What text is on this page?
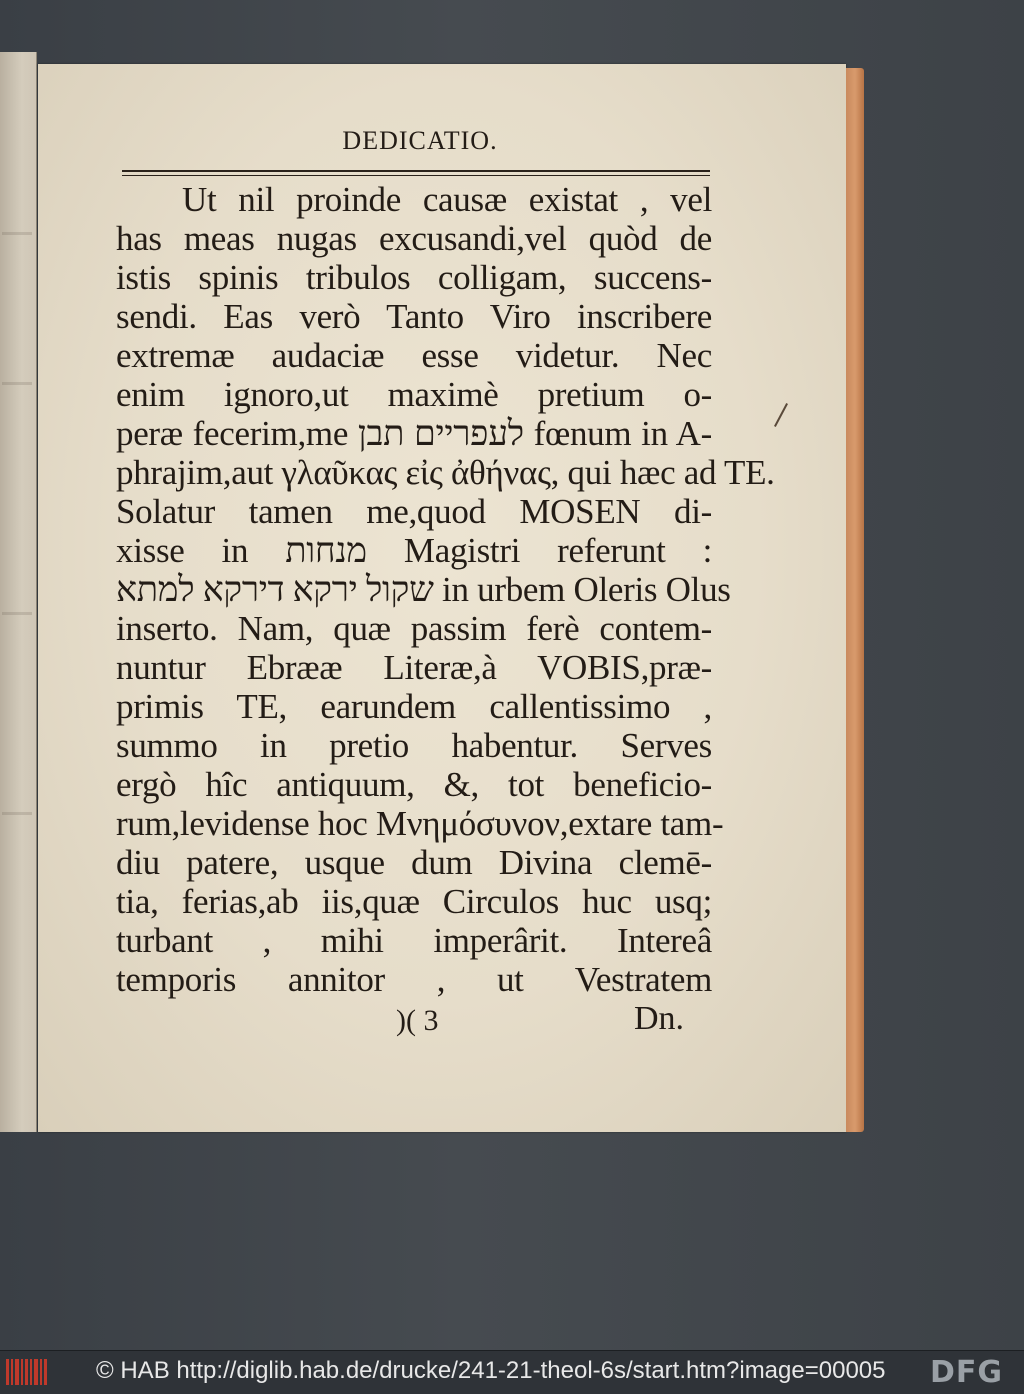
DEDICATIO.
Ut nil proinde causæ existat , vel
has meas nugas excusandi,vel quòd de
istis spinis tribulos colligam, succens-
sendi. Eas verò Tanto Viro inscribere
extremæ audaciæ esse videtur. Nec
enim ignoro,ut maximè pretium o-
peræ fecerim,me לעפריים תבן fœnum in A-
phrajim,aut γλαῦκας εἰς ἀθήνας, qui hæc ad TE.
Solatur tamen me,quod MOSEN di-
xisse in מנחות Magistri referunt :
שקול ירקא דירקא למתא in urbem Oleris Olus
inserto. Nam, quæ passim ferè contem-
nuntur Ebrææ Literæ,à VOBIS,præ-
primis TE, earundem callentissimo ,
summo in pretio habentur. Serves
ergò hîc antiquum, &, tot beneficio-
rum,levidense hoc Μνημόσυνον,extare tam-
diu patere, usque dum Divina clemē-
tia, ferias,ab iis,quæ Circulos huc usq;
turbant , mihi imperârit. Intereâ
temporis annitor , ut Vestratem
)( 3	Dn.
© HAB http://diglib.hab.de/drucke/241-21-theol-6s/start.htm?image=00005 DFG
